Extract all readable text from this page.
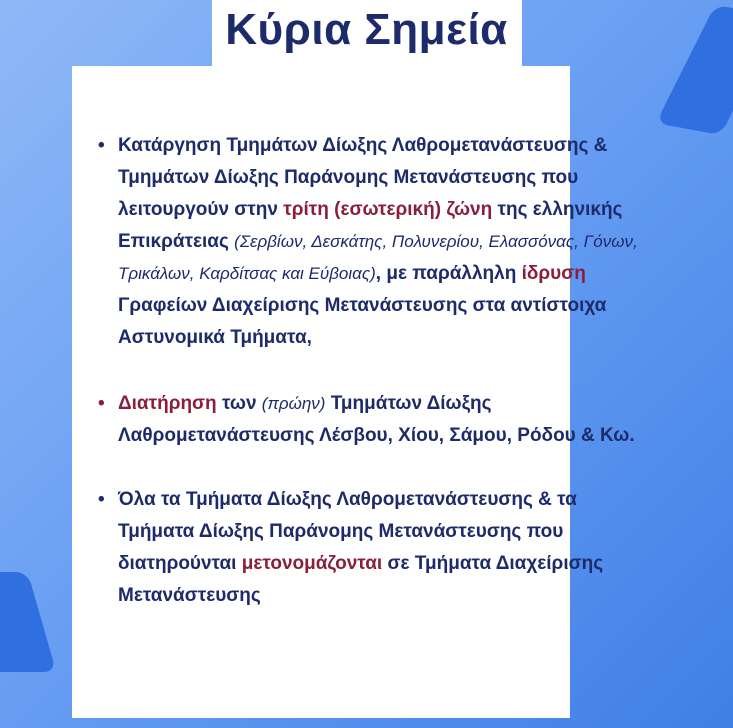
Κύρια Σημεία

• Κατάργηση Τμημάτων Δίωξης Λαθρομετανάστευσης &
Τμημάτων Δίωξης Παράνομης Μετανάστευσης που
λειτουργούν στην τρίτη (εσωτερική) ζώνη της ελληνικής
Επικράτειας (Σερβίων, Δεσκάτης, Πολυνερίου, Ελασσόνας, Γόνων,
Τρικάλων, Καρδίτσας και Εύβοιας), με παράλληλη ίδρυση
Γραφείων Διαχείρισης Μετανάστευσης στα αντίστοιχα
Αστυνομικά Τμήματα,

• Διατήρηση των (πρώην) Τμημάτων Δίωξης
Λαθρομετανάστευσης Λέσβου, Χίου, Σάμου, Ρόδου & Κω.

• Όλα τα Τμήματα Δίωξης Λαθρομετανάστευσης & τα
Τμήματα Δίωξης Παράνομης Μετανάστευσης που
διατηρούνται μετονομάζονται σε Τμήματα Διαχείρισης
Μετανάστευσης
